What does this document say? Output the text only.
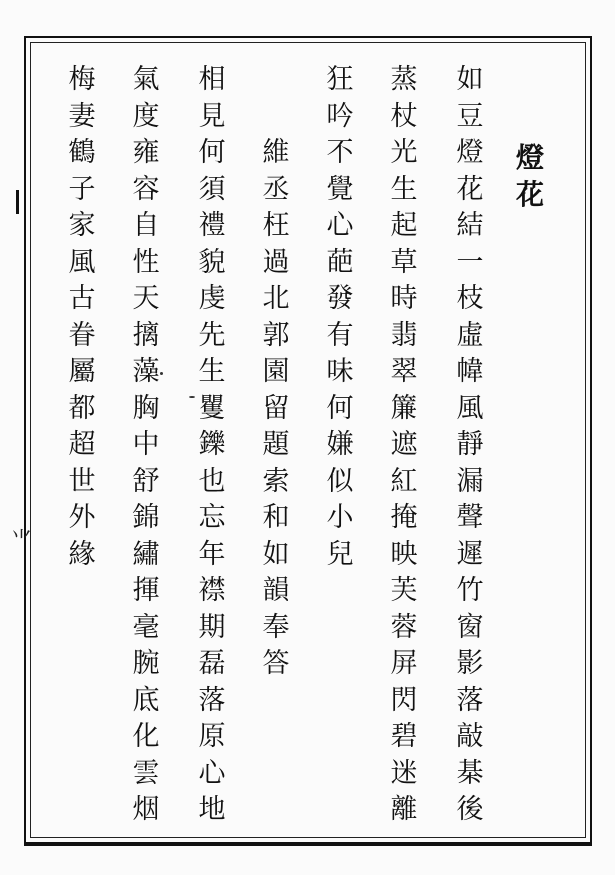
⺌
燈花
如
豆
燈
花
結
一
枝
虛
幃
風
靜
漏
聲
遲
竹
窗
影
落
敲
棊
後
蒸
杖
光
生
起
草
時
翡
翠
簾
遮
紅
掩
映
芙
蓉
屏
閃
碧
迷
離
狂
吟
不
覺
心
葩
發
有
味
何
嫌
似
小
兒
維
丞
枉
過
北
郭
園
留
題
索
和
如
韻
奉
答
相
見
何
須
禮
貌
虔
先
生
矍
鑠
也
忘
年
襟
期
磊
落
原
心
地
氣
度
雍
容
自
性
天
摛
藻
胸
中
舒
錦
繡
揮
毫
腕
底
化
雲
烟
梅
妻
鶴
子
家
風
古
眷
屬
都
超
世
外
緣
